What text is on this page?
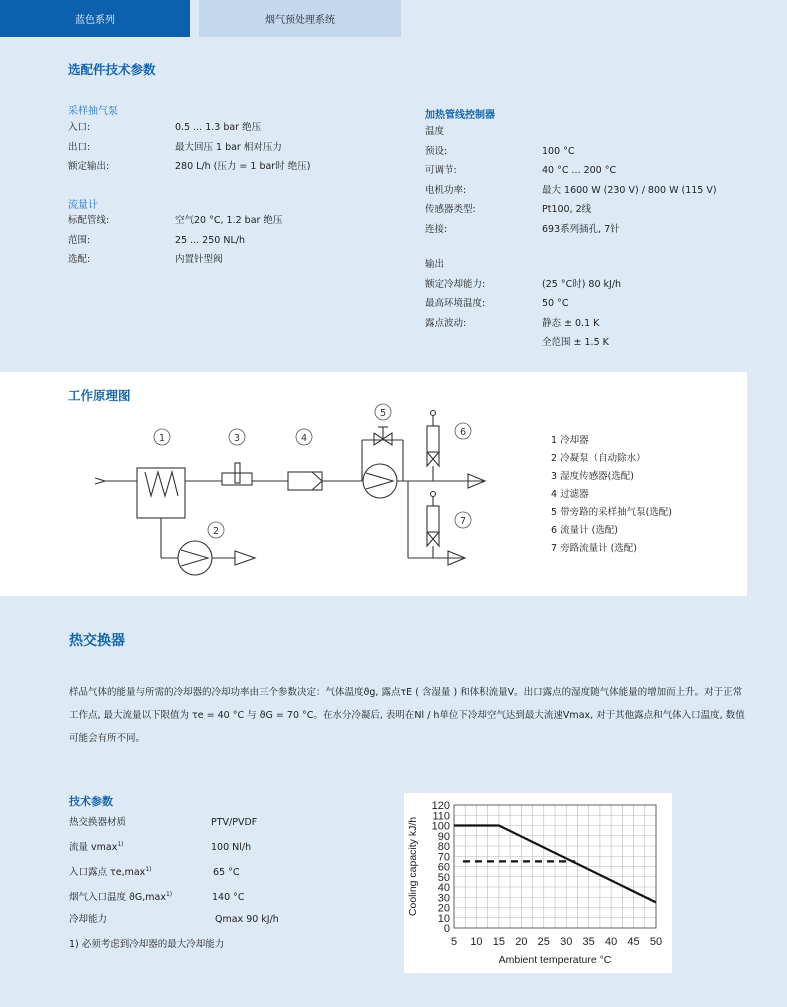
蓝色系列	烟气预处理系统
选配件技术参数
采样抽气泵
入口:	0.5 ... 1.3 bar 绝压
出口:	最大回压 1 bar 相对压力
额定输出:	280 L/h (压力 = 1 bar时 绝压)
流量计
标配管线:	空气20 °C, 1.2 bar 绝压
范围:	25 ... 250 NL/h
选配:	内置针型阀
加热管线控制器
温度
预设:	100 °C
可调节:	40 °C ... 200 °C
电机功率:	最大 1600 W (230 V) / 800 W (115 V)
传感器类型:	Pt100, 2线
连接:	693系列插孔, 7针
输出
额定冷却能力:	(25 °C时) 80 kJ/h
最高环境温度:	50 °C
露点波动:	静态 ± 0.1 K
全范围 ± 1.5 K
工作原理图
1
2
3	4
5
6
7
1 冷却器
2 冷凝泵（自动除水）
3 湿度传感器(选配)
4 过滤器
5 带旁路的采样抽气泵(选配)
6 流量计 (选配)
7 旁路流量计 (选配)
热交换器
样品气体的能量与所需的冷却器的冷却功率由三个参数决定：气体温度ϑg, 露点τE ( 含湿量 ) 和体积流量V。出口露点的湿度随气体能量的增加而上升。对于正常工作点, 最大流量以下限值为 τe = 40 °C 与 ϑG = 70 °C。在水分冷凝后, 表明在Nl / h单位下冷却空气达到最大流速Vmax, 对于其他露点和气体入口温度, 数值可能会有所不同。
技术参数
热交换器材质	PTV/PVDF
流量 vmax$^{1)}$	100 Nl/h
入口露点 $\tau e,\max^{1)}$	65 °C
烟气入口温度 $ϑG,\max^{1)}$	140 °C
冷却能力	Qmax 90 kJ/h
1) 必须考虑到冷却器的最大冷却能力
0
10
20
30
40
50
60
70
80
90
100
110
120
5 10 15 20 25 30 35 40 45 50
Ambient temperature °C
Cooling capacity kJ/h
